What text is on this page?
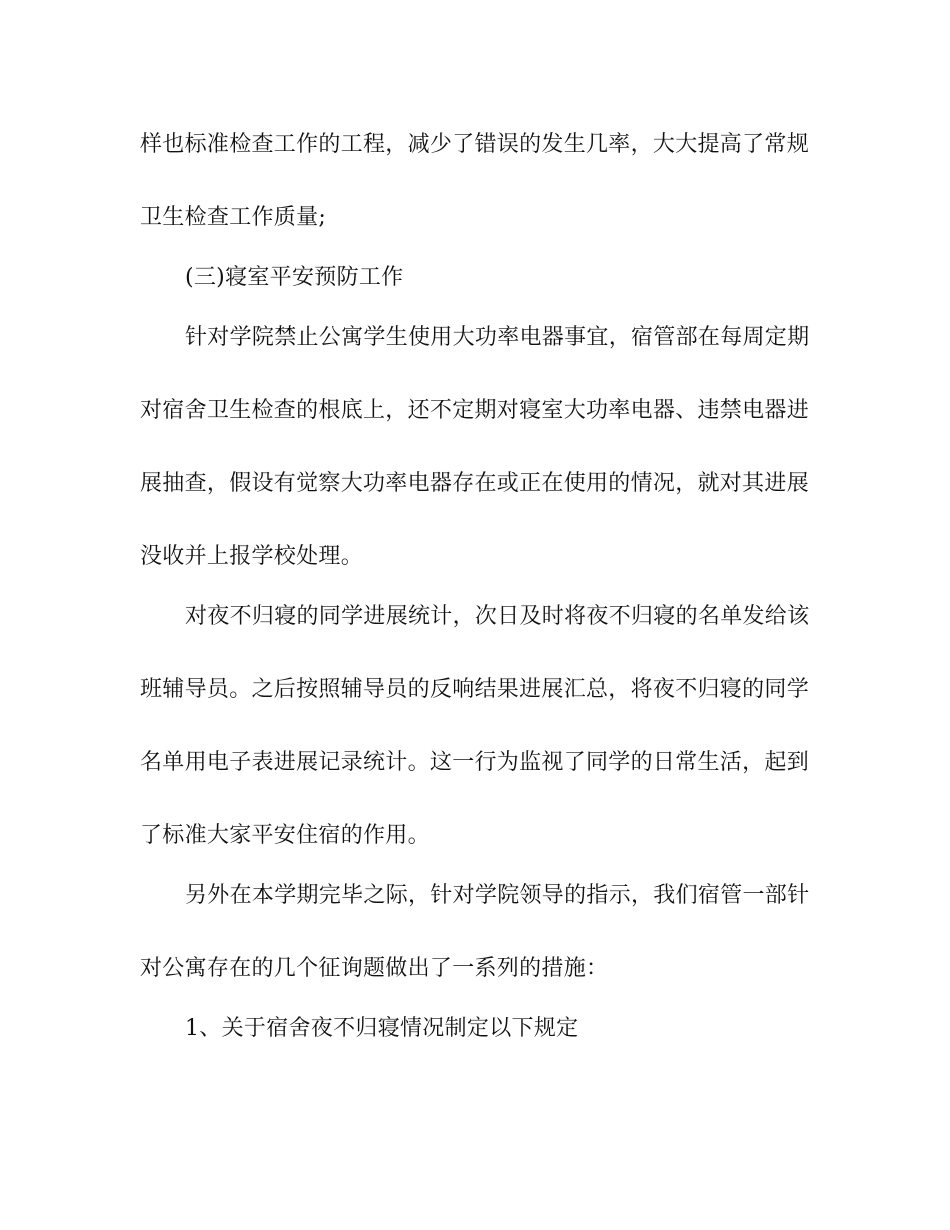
样也标准检查工作的工程，减少了错误的发生几率，大大提高了常规
卫生检查工作质量;
(三)寝室平安预防工作
针对学院禁止公寓学生使用大功率电器事宜，宿管部在每周定期
对宿舍卫生检查的根底上，还不定期对寝室大功率电器、违禁电器进
展抽查，假设有觉察大功率电器存在或正在使用的情况，就对其进展
没收并上报学校处理。
对夜不归寝的同学进展统计，次日及时将夜不归寝的名单发给该
班辅导员。之后按照辅导员的反响结果进展汇总，将夜不归寝的同学
名单用电子表进展记录统计。这一行为监视了同学的日常生活，起到
了标准大家平安住宿的作用。
另外在本学期完毕之际，针对学院领导的指示，我们宿管一部针
对公寓存在的几个征询题做出了一系列的措施：
1、关于宿舍夜不归寝情况制定以下规定
